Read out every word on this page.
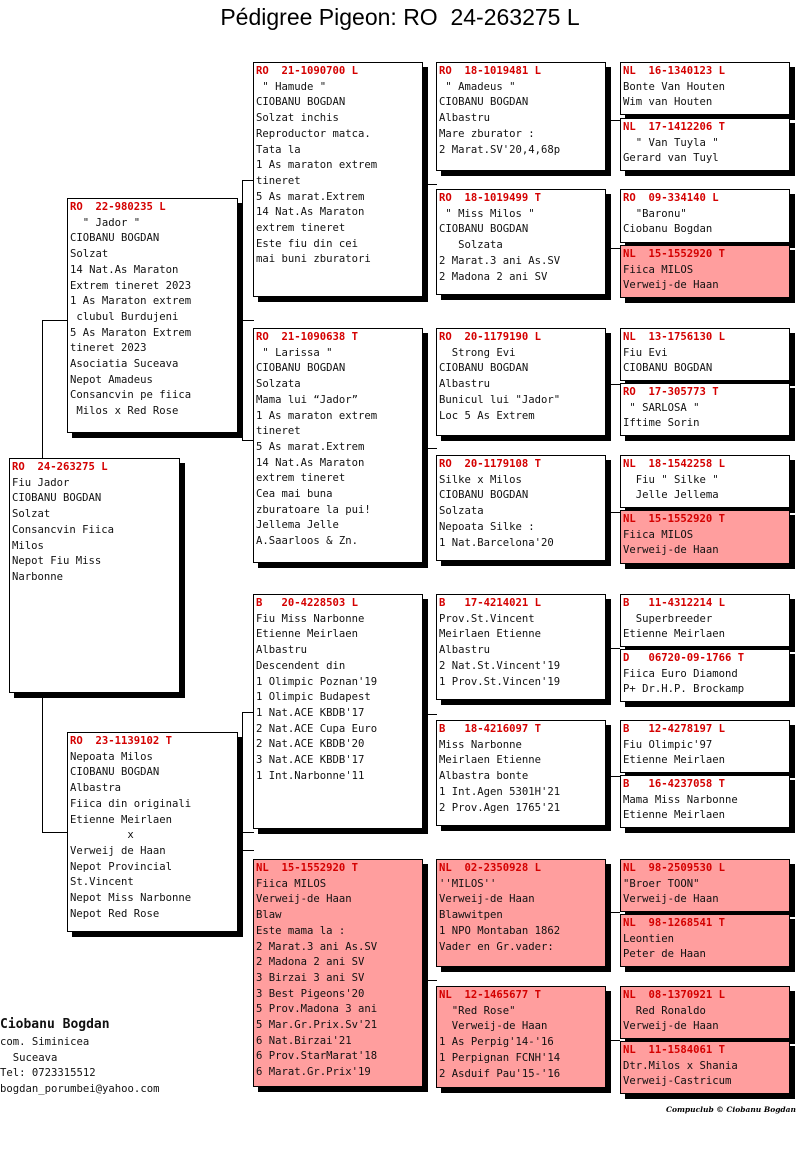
Pédigree Pigeon: RO  24-263275 L
RO  24-263275 L
Fiu Jador
CIOBANU BOGDAN
Solzat
Consancvin Fiica
Milos
Nepot Fiu Miss
Narbonne
RO  22-980235 L
" Jador "
CIOBANU BOGDAN
Solzat
14 Nat.As Maraton
Extrem tineret 2023
1 As Maraton extrem
clubul Burdujeni
5 As Maraton Extrem
tineret 2023
Asociatia Suceava
Nepot Amadeus
Consancvin pe fiica
Milos x Red Rose
RO  23-1139102 T
Nepoata Milos
CIOBANU BOGDAN
Albastra
Fiica din originali
Etienne Meirlaen
x
Verweij de Haan
Nepot Provincial
St.Vincent
Nepot Miss Narbonne
Nepot Red Rose
RO  21-1090700 L
" Hamude "
CIOBANU BOGDAN
Solzat inchis
Reproductor matca.
Tata la
1 As maraton extrem
tineret
5 As marat.Extrem
14 Nat.As Maraton
extrem tineret
Este fiu din cei
mai buni zburatori
RO  21-1090638 T
" Larissa "
CIOBANU BOGDAN
Solzata
Mama lui “Jador”
1 As maraton extrem
tineret
5 As marat.Extrem
14 Nat.As Maraton
extrem tineret
Cea mai buna
zburatoare la pui!
Jellema Jelle
A.Saarloos & Zn.
B   20-4228503 L
Fiu Miss Narbonne
Etienne Meirlaen
Albastru
Descendent din
1 Olimpic Poznan'19
1 Olimpic Budapest
1 Nat.ACE KBDB'17
2 Nat.ACE Cupa Euro
2 Nat.ACE KBDB'20
3 Nat.ACE KBDB'17
1 Int.Narbonne'11
NL  15-1552920 T
Fiica MILOS
Verweij-de Haan
Blaw
Este mama la :
2 Marat.3 ani As.SV
2 Madona 2 ani SV
3 Birzai 3 ani SV
3 Best Pigeons'20
5 Prov.Madona 3 ani
5 Mar.Gr.Prix.Sv'21
6 Nat.Birzai'21
6 Prov.StarMarat'18
6 Marat.Gr.Prix'19
RO  18-1019481 L
" Amadeus "
CIOBANU BOGDAN
Albastru
Mare zburator :
2 Marat.SV'20,4,68p
RO  18-1019499 T
" Miss Milos "
CIOBANU BOGDAN
Solzata
2 Marat.3 ani As.SV
2 Madona 2 ani SV
RO  20-1179190 L
Strong Evi
CIOBANU BOGDAN
Albastru
Bunicul lui "Jador"
Loc 5 As Extrem
RO  20-1179108 T
Silke x Milos
CIOBANU BOGDAN
Solzata
Nepoata Silke :
1 Nat.Barcelona'20
B   17-4214021 L
Prov.St.Vincent
Meirlaen Etienne
Albastru
2 Nat.St.Vincent'19
1 Prov.St.Vincen'19
B   18-4216097 T
Miss Narbonne
Meirlaen Etienne
Albastra bonte
1 Int.Agen 5301H'21
2 Prov.Agen 1765'21
NL  02-2350928 L
''MILOS''
Verweij-de Haan
Blawwitpen
1 NPO Montaban 1862
Vader en Gr.vader:
NL  12-1465677 T
"Red Rose"
Verweij-de Haan
1 As Perpig'14-'16
1 Perpignan FCNH'14
2 Asduif Pau'15-'16
NL  16-1340123 L
Bonte Van Houten
Wim van Houten
NL  17-1412206 T
" Van Tuyla "
Gerard van Tuyl
RO  09-334140 L
"Baronu"
Ciobanu Bogdan
NL  15-1552920 T
Fiica MILOS
Verweij-de Haan
NL  13-1756130 L
Fiu Evi
CIOBANU BOGDAN
RO  17-305773 T
" SARLOSA "
Iftime Sorin
NL  18-1542258 L
Fiu " Silke "
Jelle Jellema
NL  15-1552920 T
Fiica MILOS
Verweij-de Haan
B   11-4312214 L
Superbreeder
Etienne Meirlaen
D   06720-09-1766 T
Fiica Euro Diamond
P+ Dr.H.P. Brockamp
B   12-4278197 L
Fiu Olimpic'97
Etienne Meirlaen
B   16-4237058 T
Mama Miss Narbonne
Etienne Meirlaen
NL  98-2509530 L
"Broer TOON"
Verweij-de Haan
NL  98-1268541 T
Leontien
Peter de Haan
NL  08-1370921 L
Red Ronaldo
Verweij-de Haan
NL  11-1584061 T
Dtr.Milos x Shania
Verweij-Castricum
Ciobanu Bogdan
com. Siminicea
Suceava
Tel: 0723315512
bogdan_porumbei@yahoo.com
Compuclub © Ciobanu Bogdan
